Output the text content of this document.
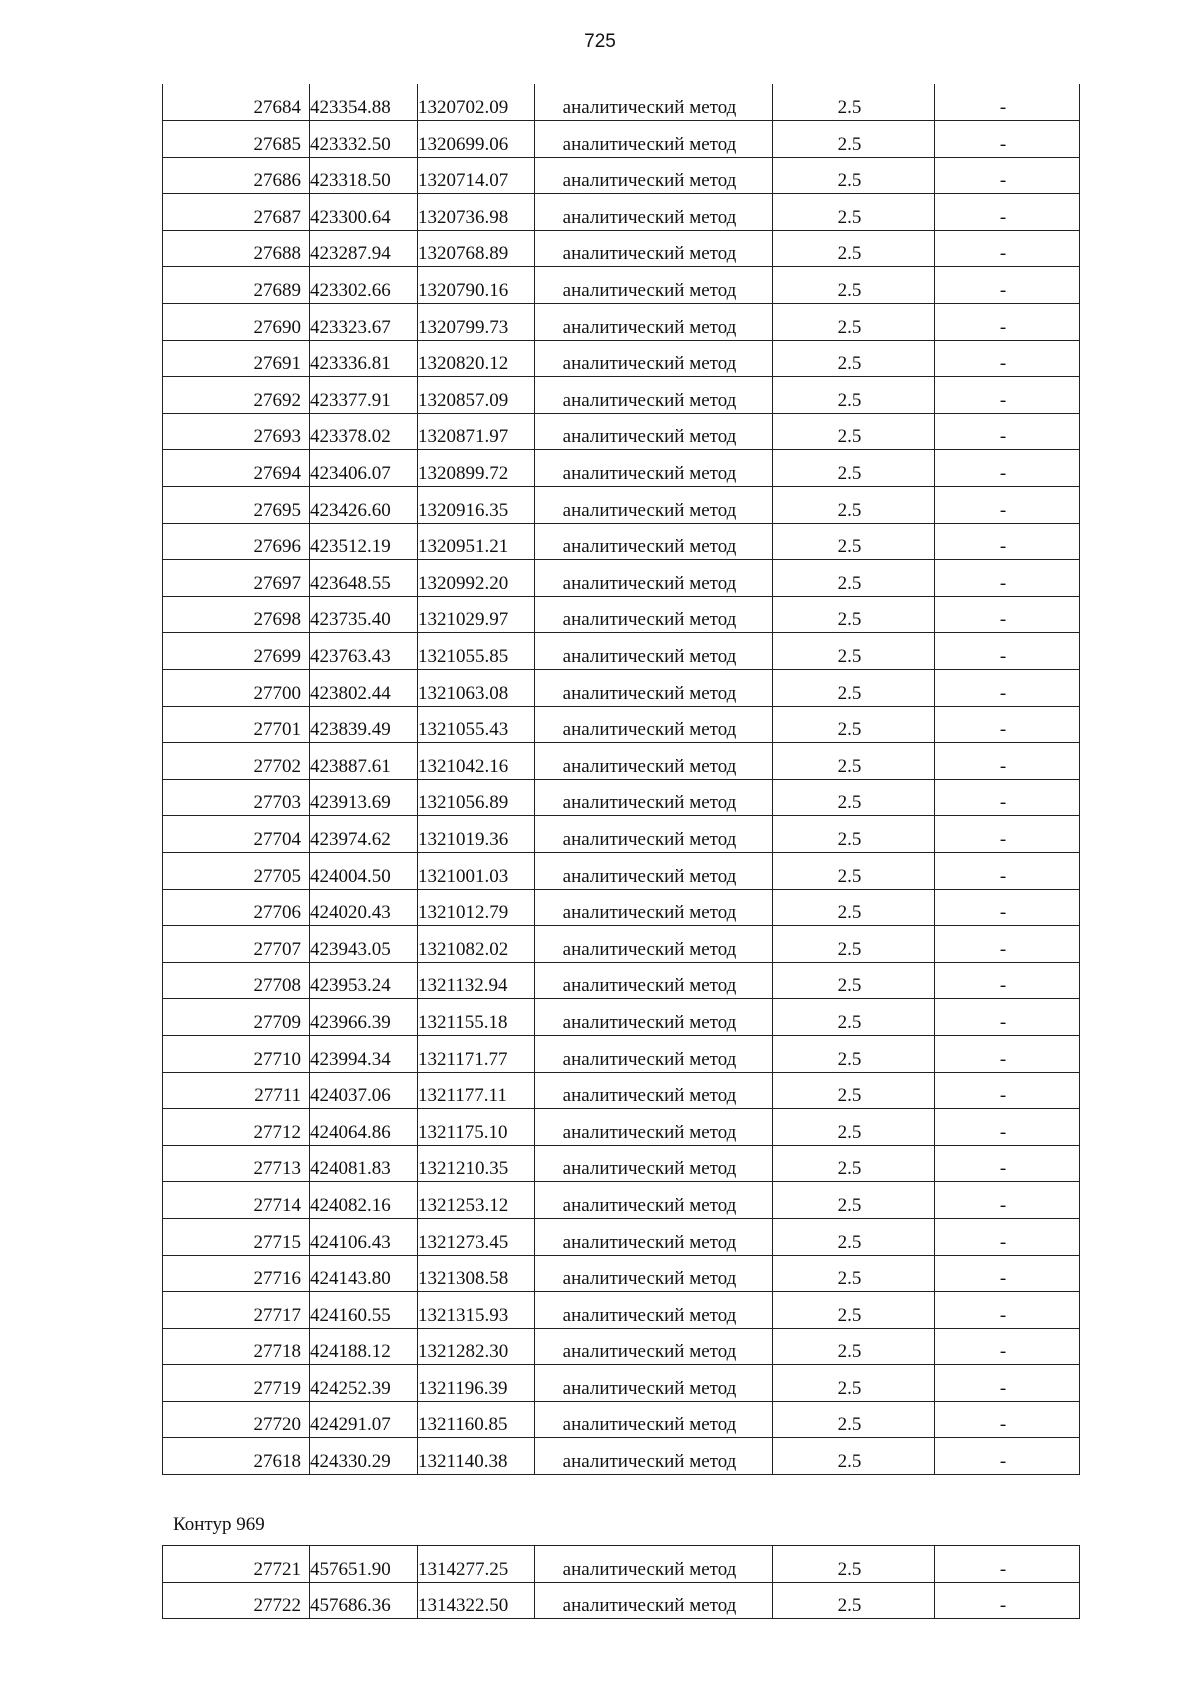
725
27684	423354.88	1320702.09	аналитический метод	2.5	-
27685	423332.50	1320699.06	аналитический метод	2.5	-
27686	423318.50	1320714.07	аналитический метод	2.5	-
27687	423300.64	1320736.98	аналитический метод	2.5	-
27688	423287.94	1320768.89	аналитический метод	2.5	-
27689	423302.66	1320790.16	аналитический метод	2.5	-
27690	423323.67	1320799.73	аналитический метод	2.5	-
27691	423336.81	1320820.12	аналитический метод	2.5	-
27692	423377.91	1320857.09	аналитический метод	2.5	-
27693	423378.02	1320871.97	аналитический метод	2.5	-
27694	423406.07	1320899.72	аналитический метод	2.5	-
27695	423426.60	1320916.35	аналитический метод	2.5	-
27696	423512.19	1320951.21	аналитический метод	2.5	-
27697	423648.55	1320992.20	аналитический метод	2.5	-
27698	423735.40	1321029.97	аналитический метод	2.5	-
27699	423763.43	1321055.85	аналитический метод	2.5	-
27700	423802.44	1321063.08	аналитический метод	2.5	-
27701	423839.49	1321055.43	аналитический метод	2.5	-
27702	423887.61	1321042.16	аналитический метод	2.5	-
27703	423913.69	1321056.89	аналитический метод	2.5	-
27704	423974.62	1321019.36	аналитический метод	2.5	-
27705	424004.50	1321001.03	аналитический метод	2.5	-
27706	424020.43	1321012.79	аналитический метод	2.5	-
27707	423943.05	1321082.02	аналитический метод	2.5	-
27708	423953.24	1321132.94	аналитический метод	2.5	-
27709	423966.39	1321155.18	аналитический метод	2.5	-
27710	423994.34	1321171.77	аналитический метод	2.5	-
27711	424037.06	1321177.11	аналитический метод	2.5	-
27712	424064.86	1321175.10	аналитический метод	2.5	-
27713	424081.83	1321210.35	аналитический метод	2.5	-
27714	424082.16	1321253.12	аналитический метод	2.5	-
27715	424106.43	1321273.45	аналитический метод	2.5	-
27716	424143.80	1321308.58	аналитический метод	2.5	-
27717	424160.55	1321315.93	аналитический метод	2.5	-
27718	424188.12	1321282.30	аналитический метод	2.5	-
27719	424252.39	1321196.39	аналитический метод	2.5	-
27720	424291.07	1321160.85	аналитический метод	2.5	-
27618	424330.29	1321140.38	аналитический метод	2.5	-
Контур 969
27721	457651.90	1314277.25	аналитический метод	2.5	-
27722	457686.36	1314322.50	аналитический метод	2.5	-
